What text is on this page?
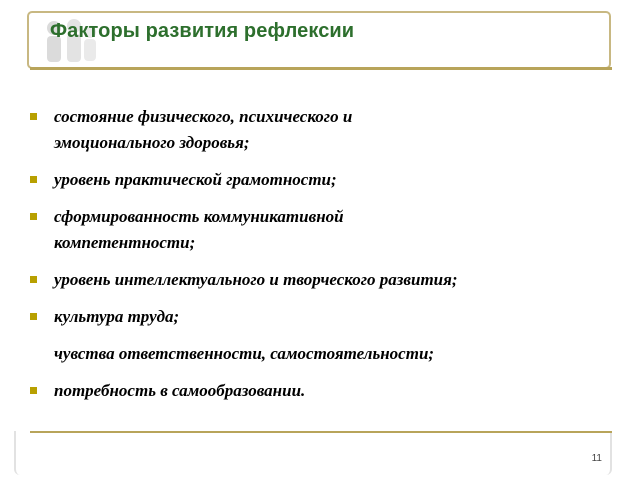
Факторы развития рефлексии
состояние физического, психического и
эмоционального здоровья;
уровень практической грамотности;
сформированность коммуникативной
компетентности;
уровень интеллектуального и творческого развития;
культура труда;
чувства ответственности, самостоятельности;
потребность в самообразовании.
11
